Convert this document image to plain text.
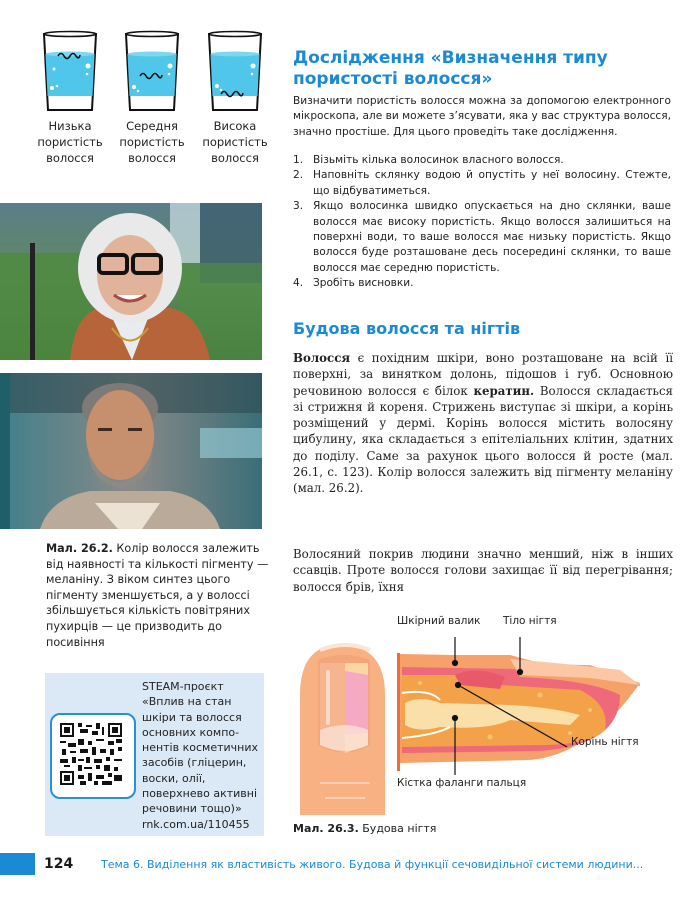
Низька
пористість
волосся
Середня
пористість
волосся
Висока
пористість
волосся
Мал. 26.2. Колір волосся залежить від наявності та кількості пігменту — меланіну. З віком синтез цього пігменту зменшується, а у волоссі збільшується кількість повітряних пухирців — це призводить до посивіння
STEAM-проєкт
«Вплив на стан
шкіри та волосся
основних компо-
нентів косметичних
засобів (гліцерин,
воски, олії,
поверхнево активні
речовини тощо)»
rnk.com.ua/110455
Дослідження «Визначення типу пористості волосся»
Визначити пористість волосся можна за допомогою електронного мікроскопа, але ви можете з’ясувати, яка у вас структура волосся, значно простіше. Для цього проведіть таке дослідження.
1. Візьміть кілька волосинок власного волосся.
2. Наповніть склянку водою й опустіть у неї волосину. Стежте, що відбуватиметься.
3. Якщо волосинка швидко опускається на дно склянки, ваше волосся має високу пористість. Якщо волосся залишиться на поверхні води, то ваше волосся має низьку пористість. Якщо волосся буде розташоване десь посередині склянки, то ваше волосся має середню пористість.
4. Зробіть висновки.
Будова волосся та нігтів
Волосся є похідним шкіри, воно розташоване на всій її поверхні, за винятком долонь, підошов і губ. Основною речовиною волосся є білок кератин. Волосся складається зі стрижня й кореня. Стрижень виступає зі шкіри, а корінь розміщений у дермі. Корінь волосся містить волосяну цибулину, яка складається з епітеліальних клітин, здатних до поділу. Саме за рахунок цього волосся й росте (мал. 26.1, с. 123). Колір волосся залежить від пігменту меланіну (мал. 26.2).
Волосяний покрив людини значно менший, ніж в інших ссавців. Проте волосся голови захищає її від перегрівання; волосся брів, їхня
Шкірний валик Тіло нігтя
Корінь нігтя
Кістка фаланги пальця
Мал. 26.3. Будова нігтя
124	Тема 6. Виділення як властивість живого. Будова й функції сечовидільної системи людини...
